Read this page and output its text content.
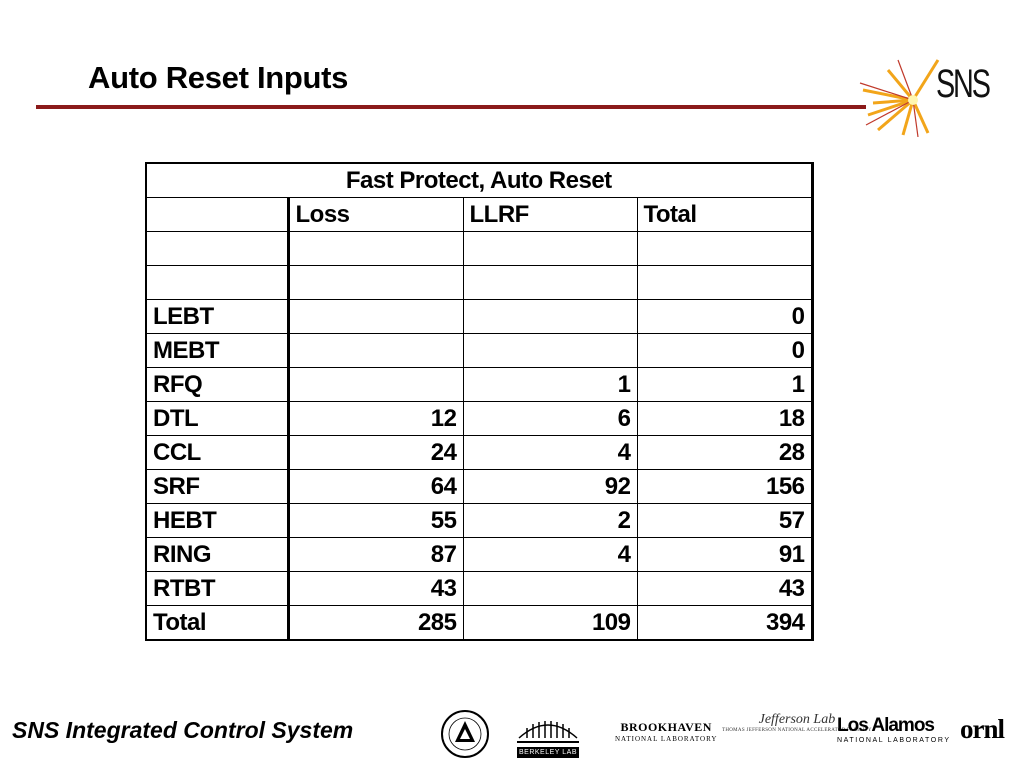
Auto Reset Inputs	SNS
Fast Protect, Auto Reset			
	Loss	LLRF	Total

LEBT			0
MEBT			0
RFQ		1	1
DTL	12	6	18
CCL	24	4	28
SRF	64	92	156
HEBT	55	2	57
RING	87	4	91
RTBT	43		43
Total	285	109	394
SNS Integrated Control System
BERKELEY LAB
BROOKHAVEN
NATIONAL LABORATORY
Jefferson Lab
THOMAS JEFFERSON NATIONAL ACCELERATOR FACILITY
Los Alamos
NATIONAL LABORATORY ornl
